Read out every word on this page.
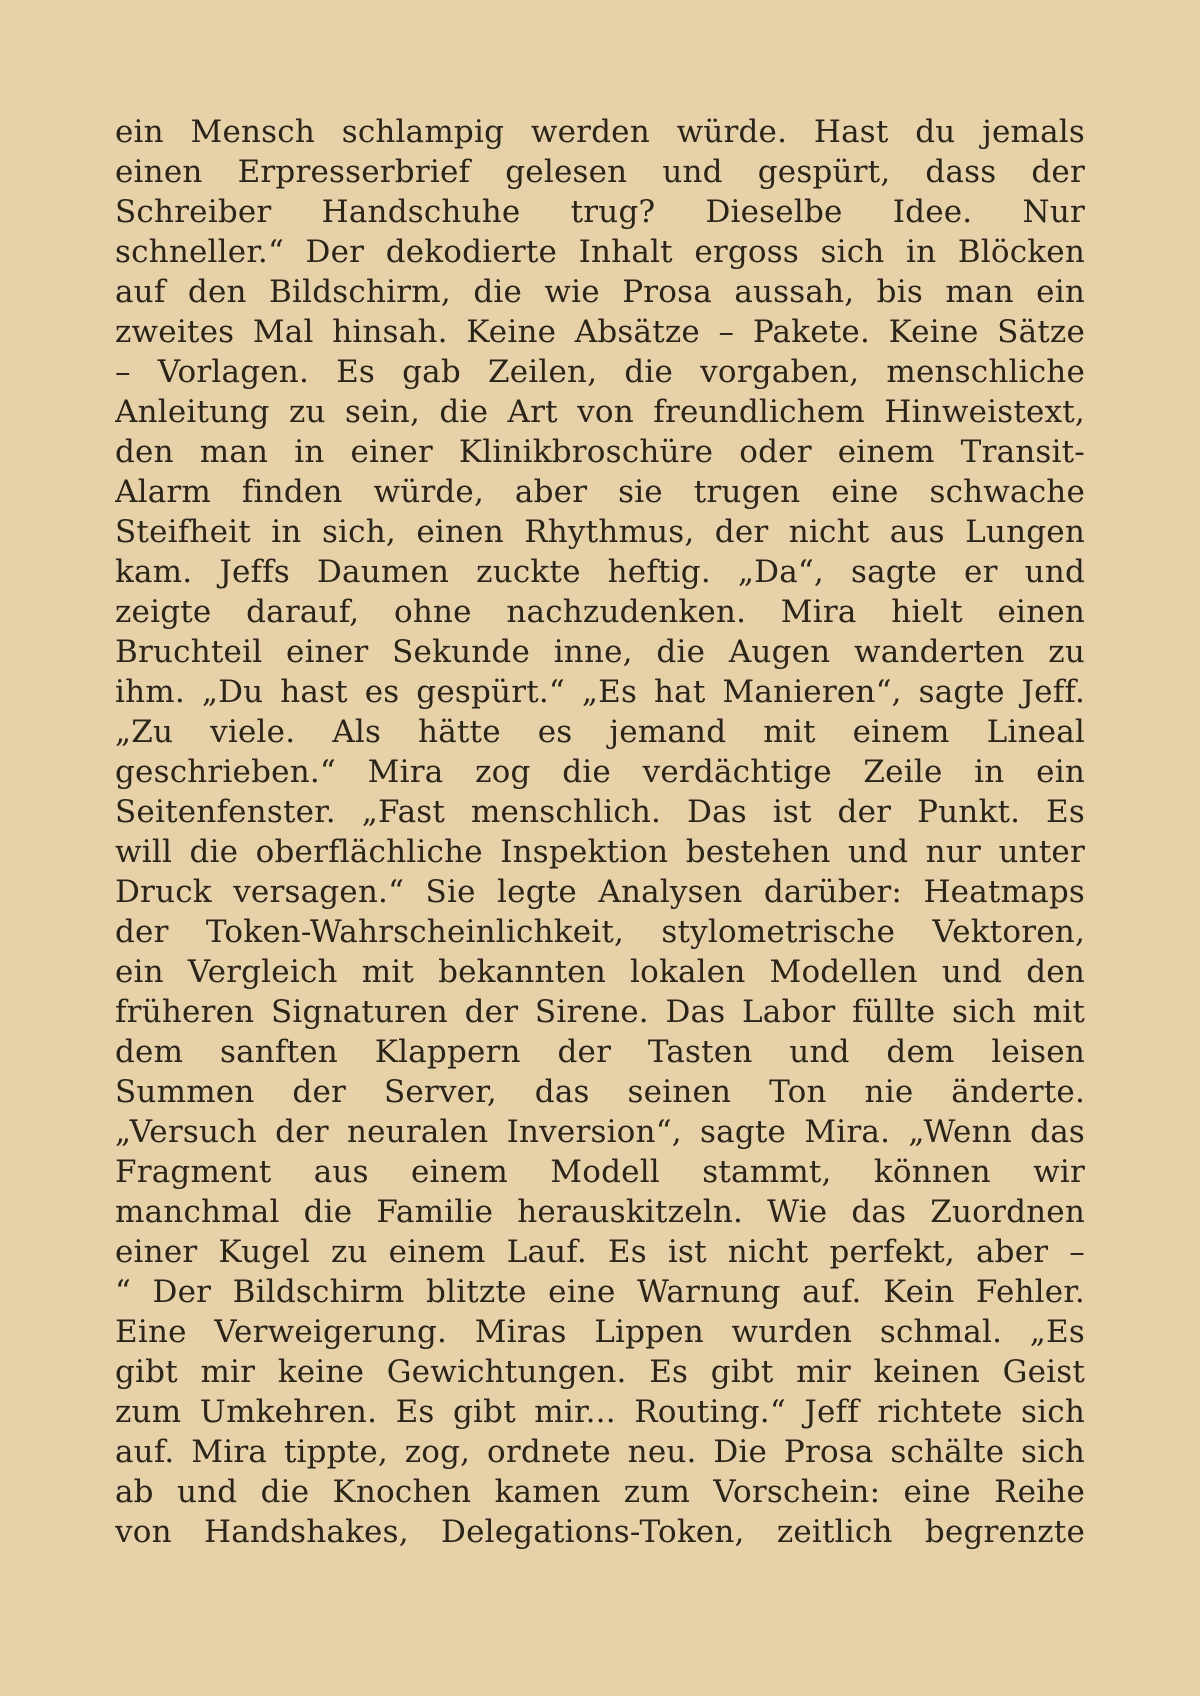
ein Mensch schlampig werden würde. Hast du jemals
einen Erpresserbrief gelesen und gespürt, dass der
Schreiber Handschuhe trug? Dieselbe Idee. Nur
schneller.“ Der dekodierte Inhalt ergoss sich in Blöcken
auf den Bildschirm, die wie Prosa aussah, bis man ein
zweites Mal hinsah. Keine Absätze – Pakete. Keine Sätze
– Vorlagen. Es gab Zeilen, die vorgaben, menschliche
Anleitung zu sein, die Art von freundlichem Hinweistext,
den man in einer Klinikbroschüre oder einem Transit-
Alarm finden würde, aber sie trugen eine schwache
Steifheit in sich, einen Rhythmus, der nicht aus Lungen
kam. Jeffs Daumen zuckte heftig. „Da“, sagte er und
zeigte darauf, ohne nachzudenken. Mira hielt einen
Bruchteil einer Sekunde inne, die Augen wanderten zu
ihm. „Du hast es gespürt.“ „Es hat Manieren“, sagte Jeff.
„Zu viele. Als hätte es jemand mit einem Lineal
geschrieben.“ Mira zog die verdächtige Zeile in ein
Seitenfenster. „Fast menschlich. Das ist der Punkt. Es
will die oberflächliche Inspektion bestehen und nur unter
Druck versagen.“ Sie legte Analysen darüber: Heatmaps
der Token-Wahrscheinlichkeit, stylometrische Vektoren,
ein Vergleich mit bekannten lokalen Modellen und den
früheren Signaturen der Sirene. Das Labor füllte sich mit
dem sanften Klappern der Tasten und dem leisen
Summen der Server, das seinen Ton nie änderte.
„Versuch der neuralen Inversion“, sagte Mira. „Wenn das
Fragment aus einem Modell stammt, können wir
manchmal die Familie herauskitzeln. Wie das Zuordnen
einer Kugel zu einem Lauf. Es ist nicht perfekt, aber –
“ Der Bildschirm blitzte eine Warnung auf. Kein Fehler.
Eine Verweigerung. Miras Lippen wurden schmal. „Es
gibt mir keine Gewichtungen. Es gibt mir keinen Geist
zum Umkehren. Es gibt mir... Routing.“ Jeff richtete sich
auf. Mira tippte, zog, ordnete neu. Die Prosa schälte sich
ab und die Knochen kamen zum Vorschein: eine Reihe
von Handshakes, Delegations-Token, zeitlich begrenzte
